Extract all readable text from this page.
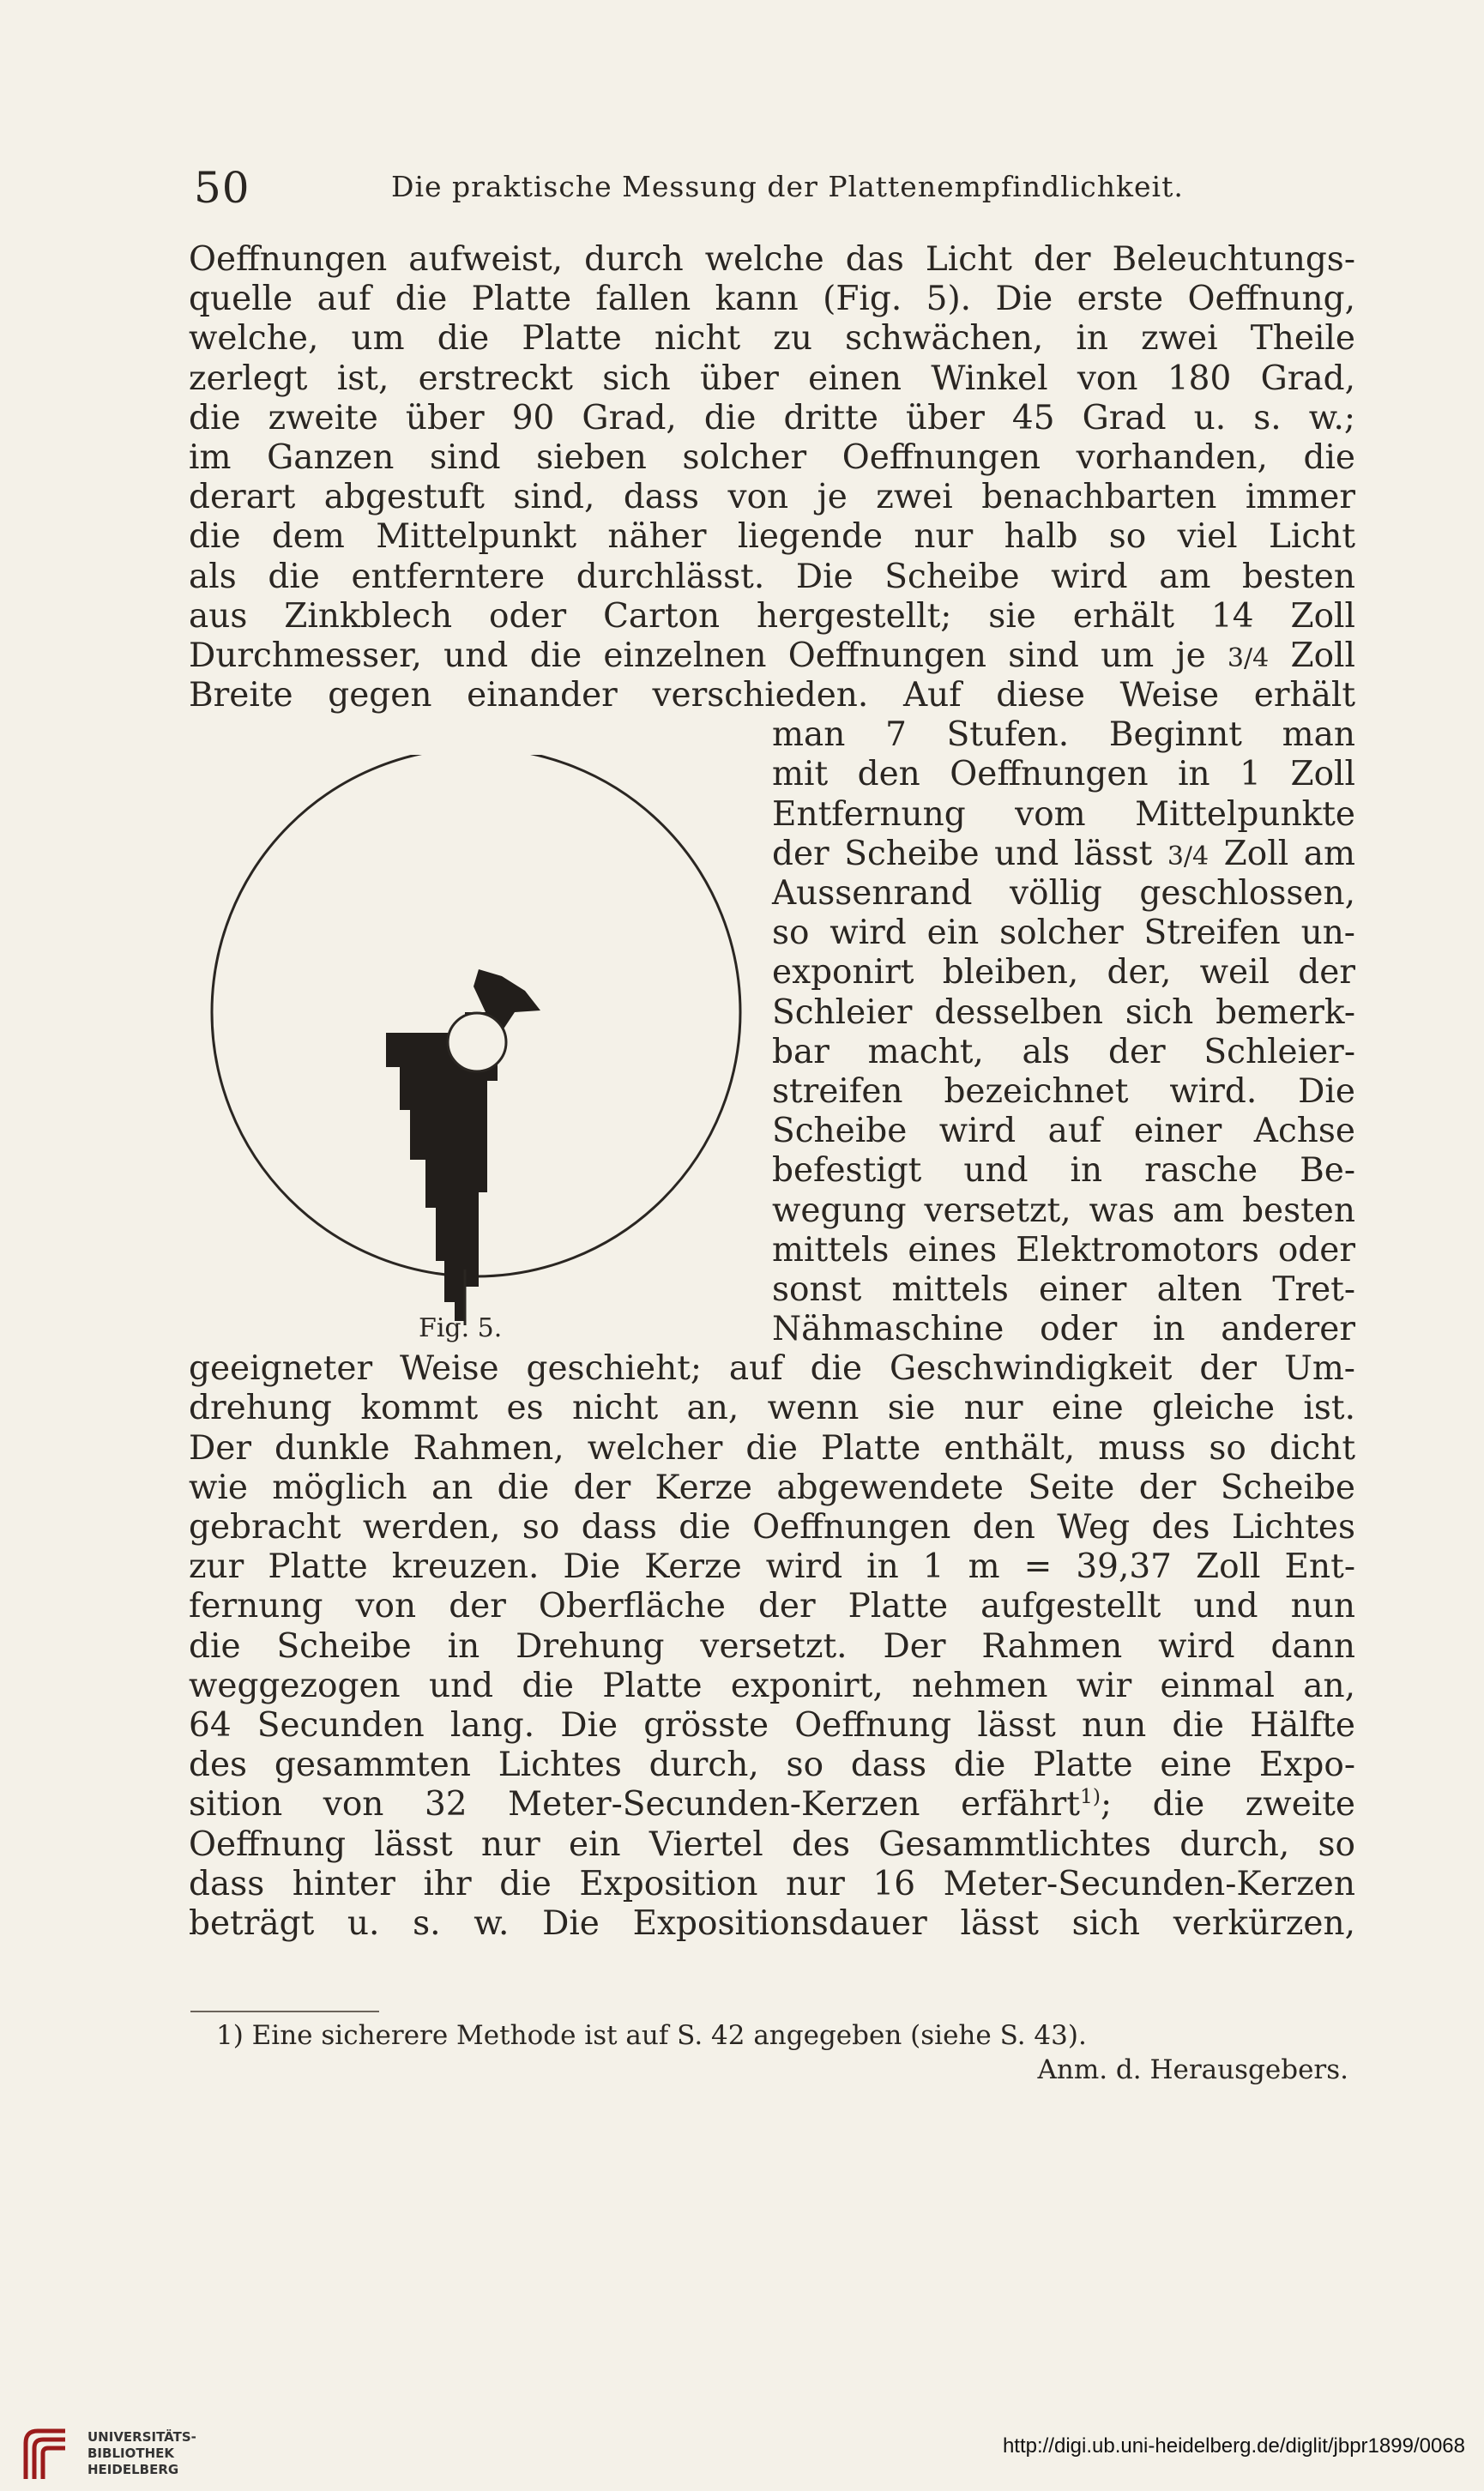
50	Die praktische Messung der Plattenempfindlichkeit.
Oeffnungen aufweist, durch welche das Licht der Beleuchtungs-
quelle auf die Platte fallen kann (Fig. 5). Die erste Oeffnung,
welche, um die Platte nicht zu schwächen, in zwei Theile
zerlegt ist, erstreckt sich über einen Winkel von 180 Grad,
die zweite über 90 Grad, die dritte über 45 Grad u. s. w.;
im Ganzen sind sieben solcher Oeffnungen vorhanden, die
derart abgestuft sind, dass von je zwei benachbarten immer
die dem Mittelpunkt näher liegende nur halb so viel Licht
als die entferntere durchlässt. Die Scheibe wird am besten
aus Zinkblech oder Carton hergestellt; sie erhält 14 Zoll
Durchmesser, und die einzelnen Oeffnungen sind um je 3/4 Zoll
Breite gegen einander verschieden. Auf diese Weise erhält
man 7 Stufen. Beginnt man
mit den Oeffnungen in 1 Zoll
Entfernung vom Mittelpunkte
der Scheibe und lässt 3/4 Zoll am
Aussenrand völlig geschlossen,
so wird ein solcher Streifen un-
exponirt bleiben, der, weil der
Schleier desselben sich bemerk-
bar macht, als der Schleier-
streifen bezeichnet wird. Die
Scheibe wird auf einer Achse
befestigt und in rasche Be-
wegung versetzt, was am besten
mittels eines Elektromotors oder
sonst mittels einer alten Tret-
Nähmaschine oder in anderer
geeigneter Weise geschieht; auf die Geschwindigkeit der Um-
drehung kommt es nicht an, wenn sie nur eine gleiche ist.
Der dunkle Rahmen, welcher die Platte enthält, muss so dicht
wie möglich an die der Kerze abgewendete Seite der Scheibe
gebracht werden, so dass die Oeffnungen den Weg des Lichtes
zur Platte kreuzen. Die Kerze wird in 1 m = 39,37 Zoll Ent-
fernung von der Oberfläche der Platte aufgestellt und nun
die Scheibe in Drehung versetzt. Der Rahmen wird dann
weggezogen und die Platte exponirt, nehmen wir einmal an,
64 Secunden lang. Die grösste Oeffnung lässt nun die Hälfte
des gesammten Lichtes durch, so dass die Platte eine Expo-
sition von 32 Meter-Secunden-Kerzen erfährt$^{1)}$; die zweite
Oeffnung lässt nur ein Viertel des Gesammtlichtes durch, so
dass hinter ihr die Exposition nur 16 Meter-Secunden-Kerzen
beträgt u. s. w. Die Expositionsdauer lässt sich verkürzen,
Fig. 5.
1) Eine sicherere Methode ist auf S. 42 angegeben (siehe S. 43).
Anm. d. Herausgebers.
UNIVERSITÄTS-
BIBLIOTHEK
HEIDELBERG
http://digi.ub.uni-heidelberg.de/diglit/jbpr1899/0068
